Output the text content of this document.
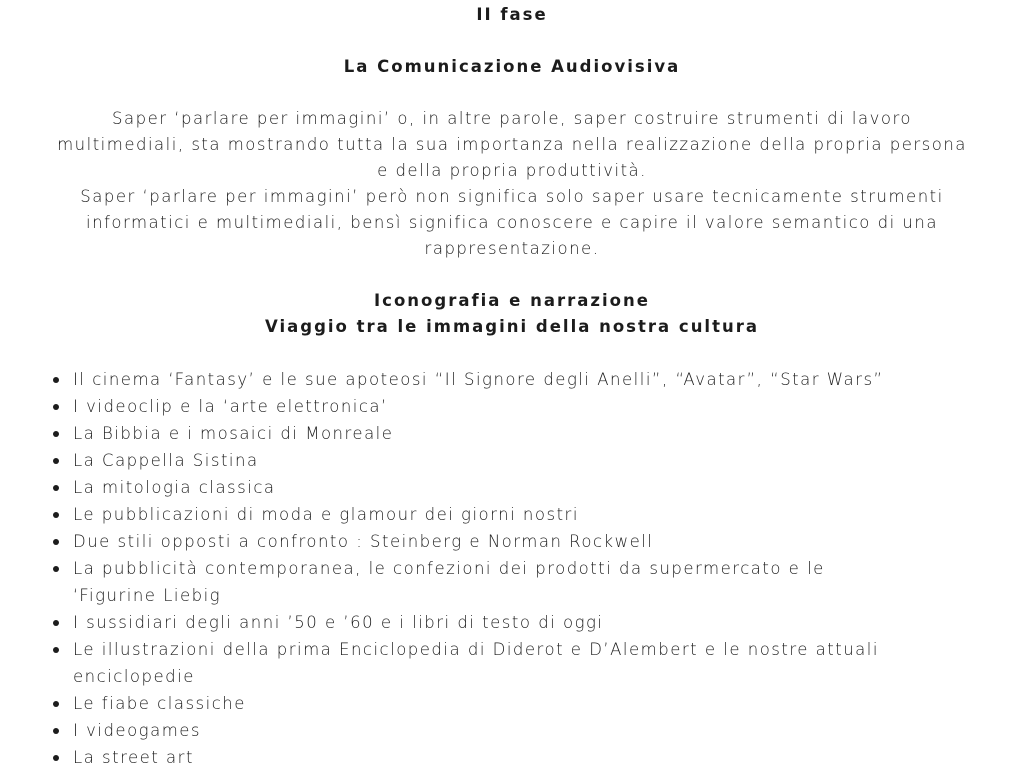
II fase
La Comunicazione Audiovisiva

Saper ‘parlare per immagini’ o, in altre parole, saper costruire strumenti di lavoro
multimediali, sta mostrando tutta la sua importanza nella realizzazione della propria persona
e della propria produttività.

Saper ‘parlare per immagini’ però non significa solo saper usare tecnicamente strumenti
informatici e multimediali, bensì significa conoscere e capire il valore semantico di una
rappresentazione.

Iconografia e narrazione
Viaggio tra le immagini della nostra cultura
Il cinema ‘Fantasy’ e le sue apoteosi “Il Signore degli Anelli”, “Avatar”, “Star Wars”
I videoclip e la ‘arte elettronica’
La Bibbia e i mosaici di Monreale
La Cappella Sistina
La mitologia classica
Le pubblicazioni di moda e glamour dei giorni nostri
Due stili opposti a confronto : Steinberg e Norman Rockwell
La pubblicità contemporanea, le confezioni dei prodotti da supermercato e le
‘Figurine Liebig
I sussidiari degli anni ’50 e ’60 e i libri di testo di oggi
Le illustrazioni della prima Enciclopedia di Diderot e D’Alembert e le nostre attuali
enciclopedie
Le fiabe classiche
I videogames
La street art
